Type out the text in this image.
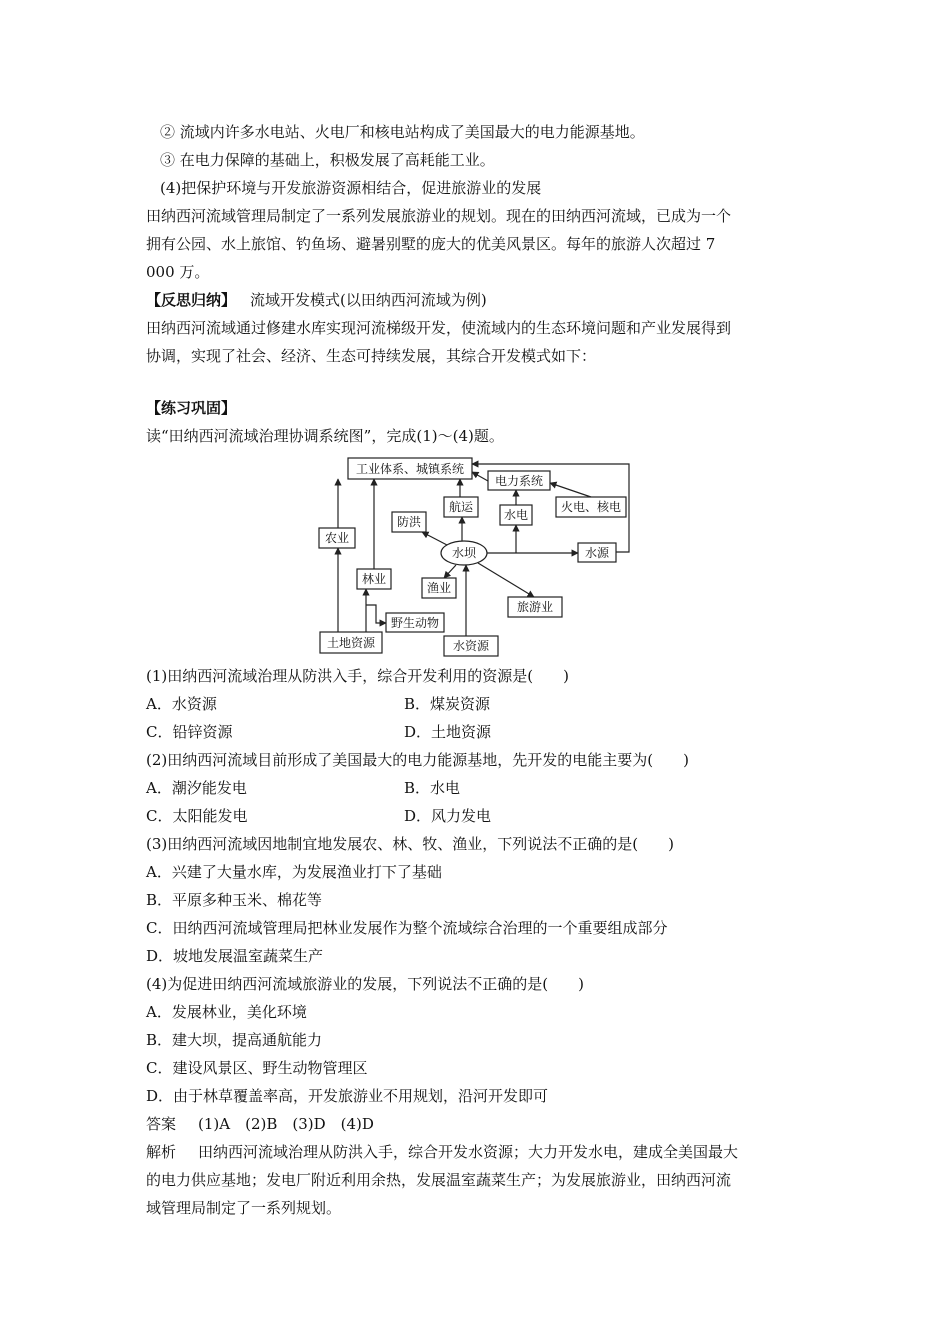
② 流域内许多水电站、火电厂和核电站构成了美国最大的电力能源基地。
③ 在电力保障的基础上，积极发展了高耗能工业。
(4)把保护环境与开发旅游资源相结合，促进旅游业的发展
田纳西河流域管理局制定了一系列发展旅游业的规划。现在的田纳西河流域，已成为一个
拥有公园、水上旅馆、钓鱼场、避暑别墅的庞大的优美风景区。每年的旅游人次超过 7
000 万。
【反思归纳】 流域开发模式(以田纳西河流域为例)
田纳西河流域通过修建水库实现河流梯级开发，使流域内的生态环境问题和产业发展得到
协调，实现了社会、经济、生态可持续发展，其综合开发模式如下：
【练习巩固】
读“田纳西河流域治理协调系统图”，完成(1)～(4)题。
工业体系、城镇系统
电力系统
火电、核电
航运
水电
防洪
农业
水坝	水源
林业
渔业
旅游业
野生动物
土地资源	水资源
(1)田纳西河流域治理从防洪入手，综合开发利用的资源是(　　)
A．水资源	B．煤炭资源
C．铅锌资源	D．土地资源
(2)田纳西河流域目前形成了美国最大的电力能源基地，先开发的电能主要为(　　)
A．潮汐能发电	B．水电
C．太阳能发电	D．风力发电
(3)田纳西河流域因地制宜地发展农、林、牧、渔业，下列说法不正确的是(　　)
A．兴建了大量水库，为发展渔业打下了基础
B．平原多种玉米、棉花等
C．田纳西河流域管理局把林业发展作为整个流域综合治理的一个重要组成部分
D．坡地发展温室蔬菜生产
(4)为促进田纳西河流域旅游业的发展，下列说法不正确的是(　　)
A．发展林业，美化环境
B．建大坝，提高通航能力
C．建设风景区、野生动物管理区
D．由于林草覆盖率高，开发旅游业不用规划，沿河开发即可
答案 (1)A　(2)B　(3)D　(4)D
解析 田纳西河流域治理从防洪入手，综合开发水资源；大力开发水电，建成全美国最大
的电力供应基地；发电厂附近利用余热，发展温室蔬菜生产；为发展旅游业，田纳西河流
域管理局制定了一系列规划。
